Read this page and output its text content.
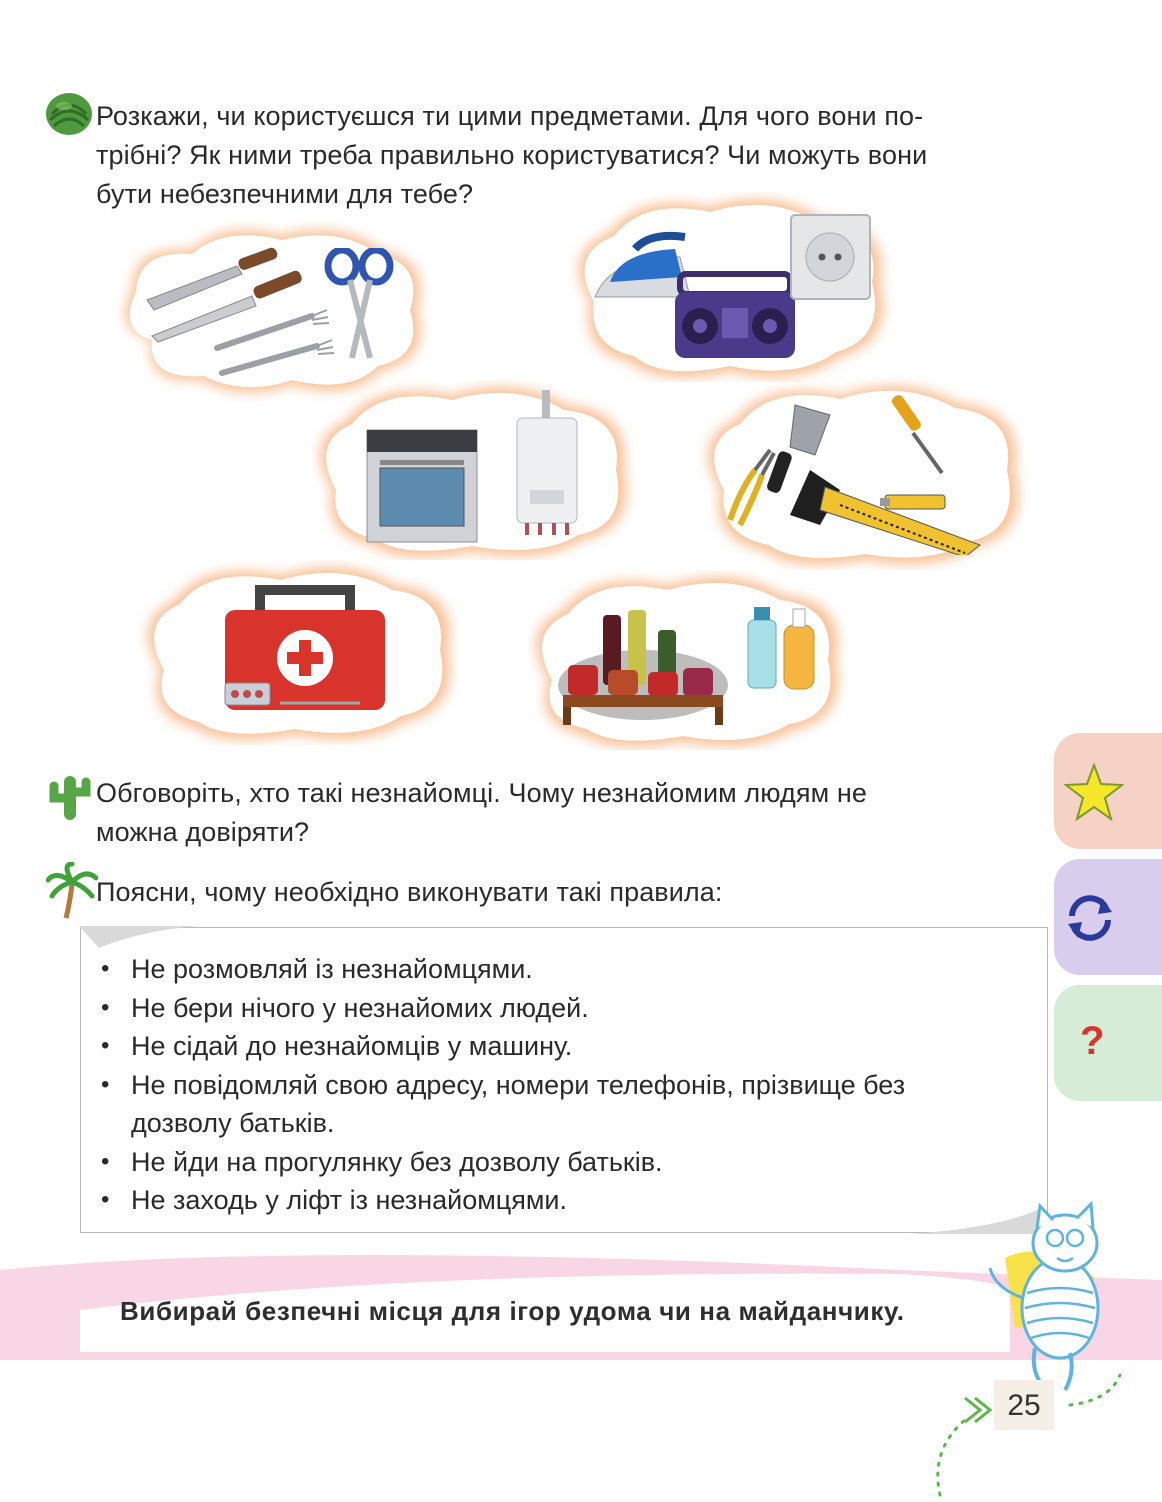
Розкажи, чи користуєшся ти цими предметами. Для чого вони по-
трібні? Як ними треба правильно користуватися? Чи можуть вони
бути небезпечними для тебе?
Обговоріть, хто такі незнайомці. Чому незнайомим людям не
можна довіряти?
Поясни, чому необхідно виконувати такі правила:
• Не розмовляй із незнайомцями.
• Не бери нічого у незнайомих людей.
• Не сідай до незнайомців у машину.
• Не повідомляй свою адресу, номери телефонів, прізвище без дозволу батьків.
• Не йди на прогулянку без дозволу батьків.
• Не заходь у ліфт із незнайомцями.
Вибирай безпечні місця для ігор удома чи на майданчику.
25
?
